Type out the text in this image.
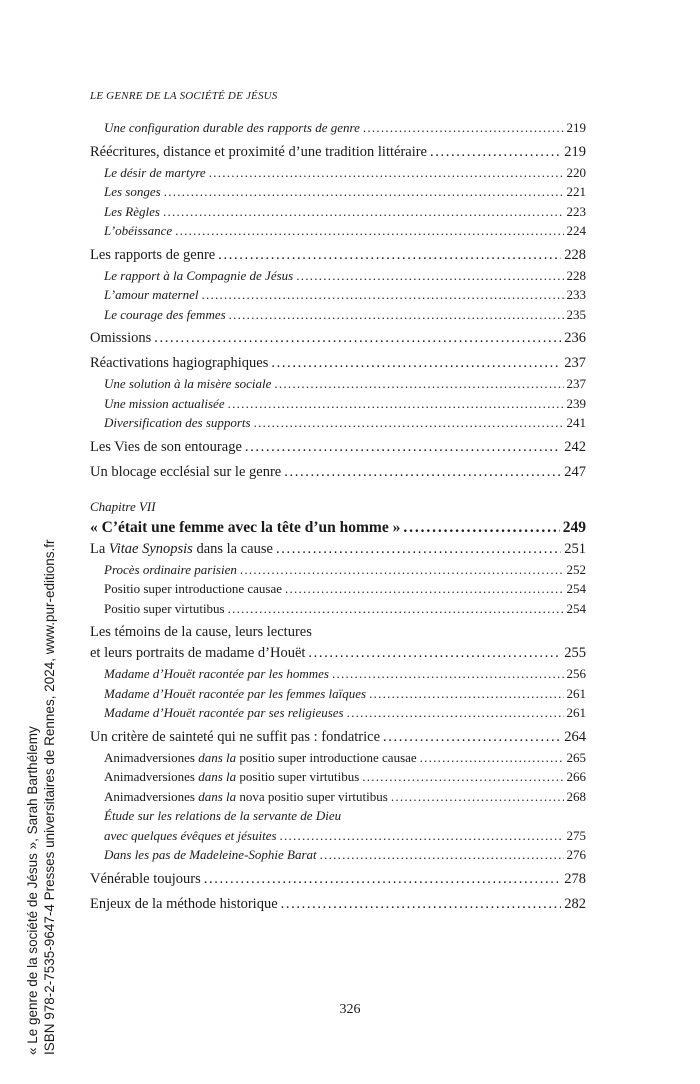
LE GENRE DE LA SOCIÉTÉ DE JÉSUS
Une configuration durable des rapports de genre . . .	219
Réécritures, distance et proximité d’une tradition littéraire . . .	219
Le désir de martyre . . .	220
Les songes . . .	221
Les Règles . . .	223
L’obéissance . . .	224
Les rapports de genre . . .	228
Le rapport à la Compagnie de Jésus . . .	228
L’amour maternel . . .	233
Le courage des femmes . . .	235
Omissions . . .	236
Réactivations hagiographiques . . .	237
Une solution à la misère sociale . . .	237
Une mission actualisée . . .	239
Diversification des supports . . .	241
Les Vies de son entourage . . .	242
Un blocage ecclésial sur le genre . . .	247
Chapitre VII
« C’était une femme avec la tête d’un homme » . . .	249
La Vitae Synopsis dans la cause . . .	251
Procès ordinaire parisien . . .	252
Positio super introductione causae . . .	254
Positio super virtutibus . . .	254
Les témoins de la cause, leurs lectures
et leurs portraits de madame d’Houët . . .	255
Madame d’Houët racontée par les hommes . . .	256
Madame d’Houët racontée par les femmes laïques . . .	261
Madame d’Houët racontée par ses religieuses . . .	261
Un critère de sainteté qui ne suffit pas : fondatrice . . .	264
Animadversiones dans la positio super introductione causae . . .	265
Animadversiones dans la positio super virtutibus . . .	266
Animadversiones dans la nova positio super virtutibus . . .	268
Étude sur les relations de la servante de Dieu
avec quelques évêques et jésuites . . .	275
Dans les pas de Madeleine-Sophie Barat . . .	276
Vénérable toujours . . .	278
Enjeux de la méthode historique . . .	282
326
« Le genre de la société de Jésus », Sarah Barthélemy ISBN 978-2-7535-9647-4 Presses universitaires de Rennes, 2024, www.pur-editions.fr
